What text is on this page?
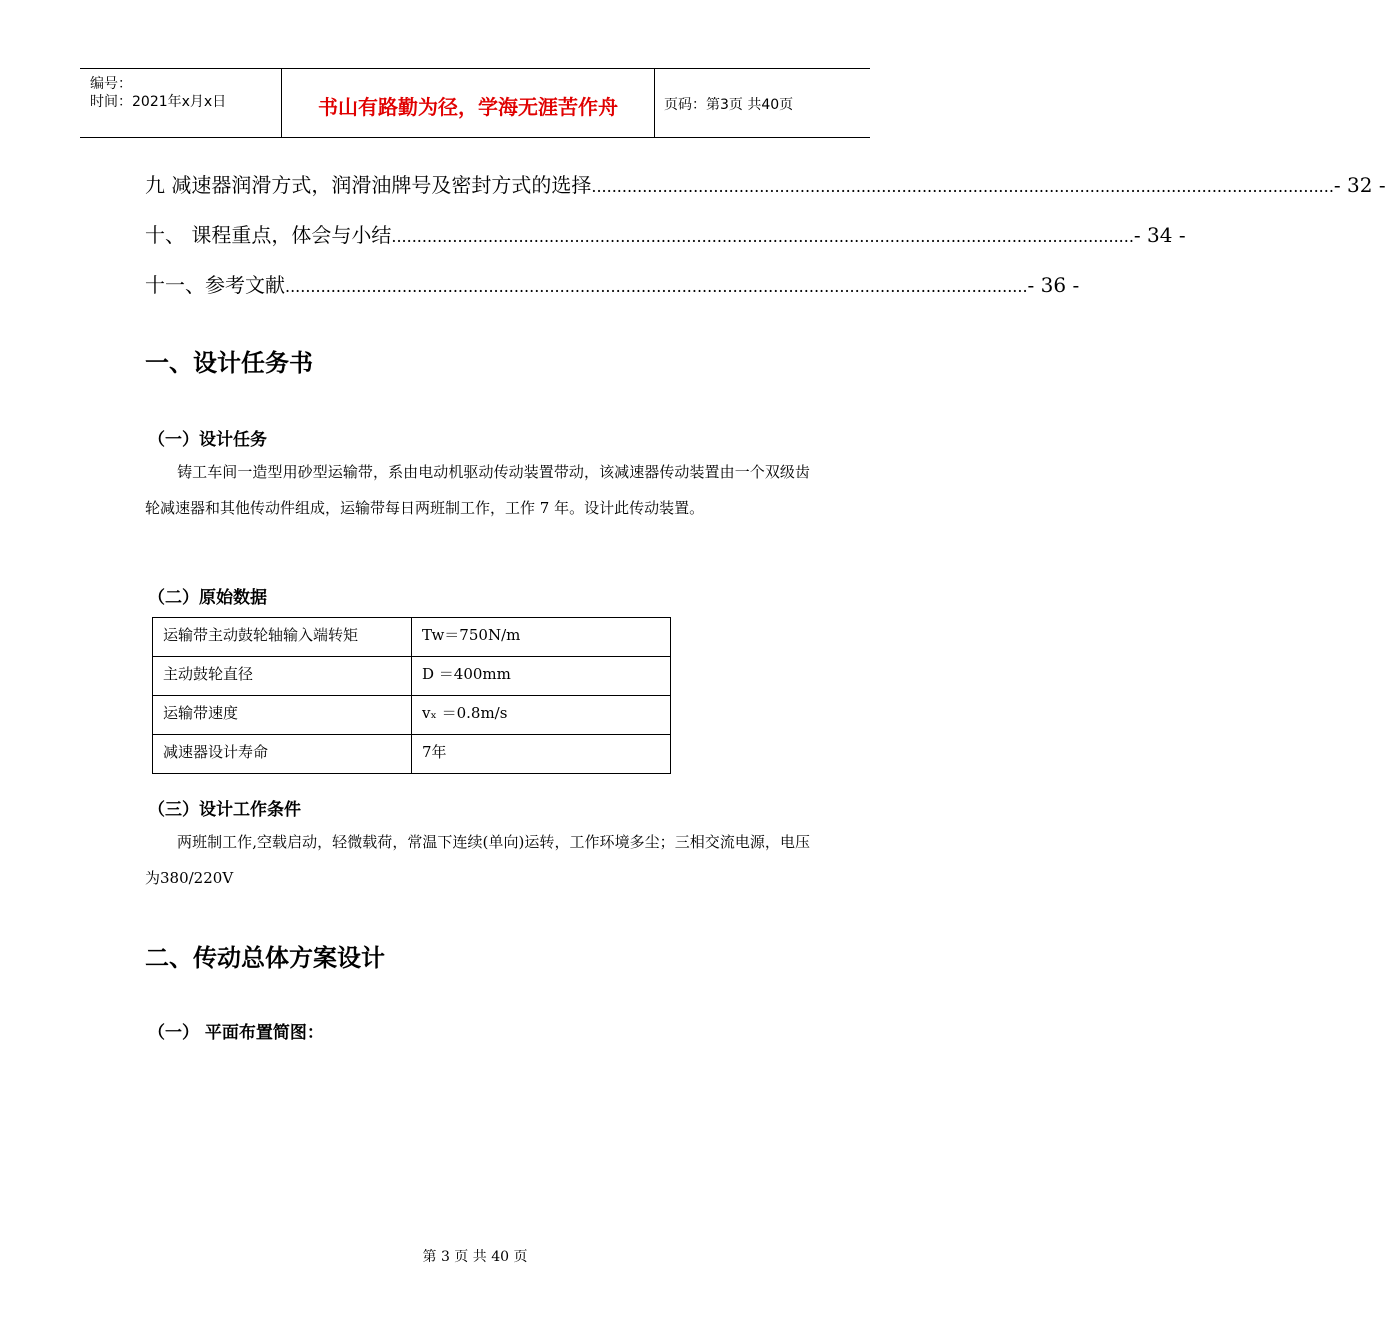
编号：
时间：2021年x月x日	书山有路勤为径，学海无涯苦作舟	页码：第3页 共40页
九 减速器润滑方式，润滑油牌号及密封方式的选择 .................................................................................................................................................. - 32 -
十、 课程重点，体会与小结 .................................................................................................................................................. - 34 -
十一、参考文献 .................................................................................................................................................. - 36 -
一、设计任务书
（一）设计任务
铸工车间一造型用砂型运输带，系由电动机驱动传动装置带动，该减速器传动装置由一个双级齿轮减速器和其他传动件组成，运输带每日两班制工作，工作 7 年。设计此传动装置。
（二）原始数据
运输带主动鼓轮轴输入端转矩	Tw＝750N/m
主动鼓轮直径	D ＝400mm
运输带速度	vₓ ＝0.8m/s
减速器设计寿命	7年
（三）设计工作条件
两班制工作,空载启动，轻微载荷，常温下连续(单向)运转，工作环境多尘；三相交流电源，电压为380/220V
二、传动总体方案设计
（一） 平面布置简图：
第 3 页 共 40 页
